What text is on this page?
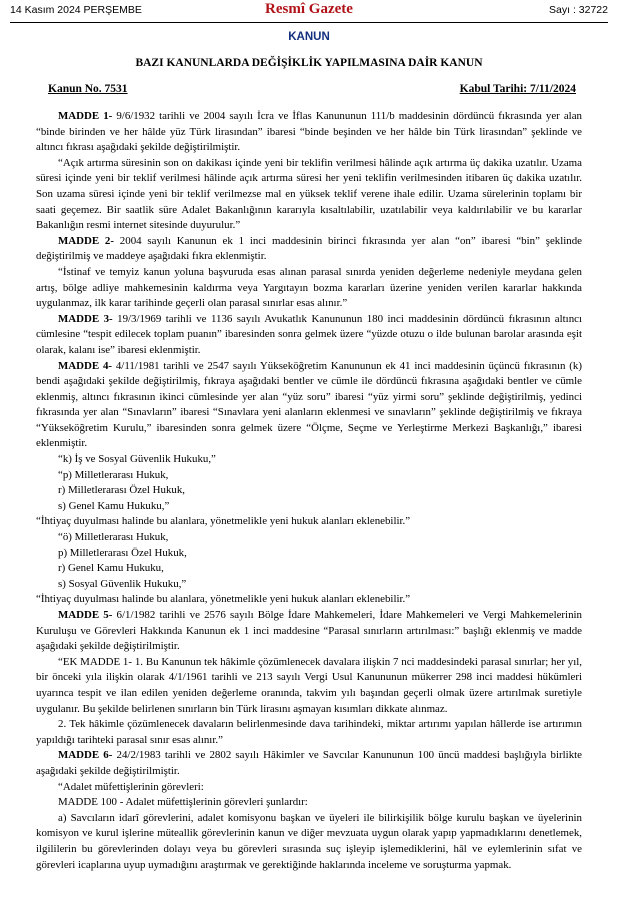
14 Kasım 2024 PERŞEMBE	Resmî Gazete	Sayı : 32722
KANUN
BAZI KANUNLARDA DEĞİŞİKLİK YAPILMASINA DAİR KANUN
Kanun No. 7531	Kabul Tarihi: 7/11/2024

MADDE 1- 9/6/1932 tarihli ve 2004 sayılı İcra ve İflas Kanununun 111/b maddesinin dördüncü fıkrasında yer alan “binde birinden ve her hâlde yüz Türk lirasından” ibaresi “binde beşinden ve her hâlde bin Türk lirasından” şeklinde ve altıncı fıkrası aşağıdaki şekilde değiştirilmiştir.

“Açık artırma süresinin son on dakikası içinde yeni bir teklifin verilmesi hâlinde açık artırma üç dakika uzatılır. Uzama süresi içinde yeni bir teklif verilmesi hâlinde açık artırma süresi her yeni teklifin verilmesinden itibaren üç dakika uzatılır. Son uzama süresi içinde yeni bir teklif verilmezse mal en yüksek teklif verene ihale edilir. Uzama sürelerinin toplamı bir saati geçemez. Bir saatlik süre Adalet Bakanlığının kararıyla kısaltılabilir, uzatılabilir veya kaldırılabilir ve bu kararlar Bakanlığın resmi internet sitesinde duyurulur.”

MADDE 2- 2004 sayılı Kanunun ek 1 inci maddesinin birinci fıkrasında yer alan “on” ibaresi “bin” şeklinde değiştirilmiş ve maddeye aşağıdaki fıkra eklenmiştir.

“İstinaf ve temyiz kanun yoluna başvuruda esas alınan parasal sınırda yeniden değerleme nedeniyle meydana gelen artış, bölge adliye mahkemesinin kaldırma veya Yargıtayın bozma kararları üzerine yeniden verilen kararlar hakkında uygulanmaz, ilk karar tarihinde geçerli olan parasal sınırlar esas alınır.”

MADDE 3- 19/3/1969 tarihli ve 1136 sayılı Avukatlık Kanununun 180 inci maddesinin dördüncü fıkrasının altıncı cümlesine “tespit edilecek toplam puanın” ibaresinden sonra gelmek üzere “yüzde otuzu o ilde bulunan barolar arasında eşit olarak, kalanı ise” ibaresi eklenmiştir.

MADDE 4- 4/11/1981 tarihli ve 2547 sayılı Yükseköğretim Kanununun ek 41 inci maddesinin üçüncü fıkrasının (k) bendi aşağıdaki şekilde değiştirilmiş, fıkraya aşağıdaki bentler ve cümle ile dördüncü fıkrasına aşağıdaki bentler ve cümle eklenmiş, altıncı fıkrasının ikinci cümlesinde yer alan “yüz soru” ibaresi “yüz yirmi soru” şeklinde değiştirilmiş, yedinci fıkrasında yer alan “Sınavların” ibaresi “Sınavlara yeni alanların eklenmesi ve sınavların” şeklinde değiştirilmiş ve fıkraya “Yükseköğretim Kurulu,” ibaresinden sonra gelmek üzere “Ölçme, Seçme ve Yerleştirme Merkezi Başkanlığı,” ibaresi eklenmiştir.

“k) İş ve Sosyal Güvenlik Hukuku,”

“p) Milletlerarası Hukuk,

r) Milletlerarası Özel Hukuk,

s) Genel Kamu Hukuku,”

“İhtiyaç duyulması halinde bu alanlara, yönetmelikle yeni hukuk alanları eklenebilir.”

“ö) Milletlerarası Hukuk,

p) Milletlerarası Özel Hukuk,

r) Genel Kamu Hukuku,

s) Sosyal Güvenlik Hukuku,”

“İhtiyaç duyulması halinde bu alanlara, yönetmelikle yeni hukuk alanları eklenebilir.”

MADDE 5- 6/1/1982 tarihli ve 2576 sayılı Bölge İdare Mahkemeleri, İdare Mahkemeleri ve Vergi Mahkemelerinin Kuruluşu ve Görevleri Hakkında Kanunun ek 1 inci maddesine “Parasal sınırların artırılması:” başlığı eklenmiş ve madde aşağıdaki şekilde değiştirilmiştir.

“EK MADDE 1- 1. Bu Kanunun tek hâkimle çözümlenecek davalara ilişkin 7 nci maddesindeki parasal sınırlar; her yıl, bir önceki yıla ilişkin olarak 4/1/1961 tarihli ve 213 sayılı Vergi Usul Kanununun mükerrer 298 inci maddesi hükümleri uyarınca tespit ve ilan edilen yeniden değerleme oranında, takvim yılı başından geçerli olmak üzere artırılmak suretiyle uygulanır. Bu şekilde belirlenen sınırların bin Türk lirasını aşmayan kısımları dikkate alınmaz.

2. Tek hâkimle çözümlenecek davaların belirlenmesinde dava tarihindeki, miktar artırımı yapılan hâllerde ise artırımın yapıldığı tarihteki parasal sınır esas alınır.”

MADDE 6- 24/2/1983 tarihli ve 2802 sayılı Hâkimler ve Savcılar Kanununun 100 üncü maddesi başlığıyla birlikte aşağıdaki şekilde değiştirilmiştir.

“Adalet müfettişlerinin görevleri:

MADDE 100 - Adalet müfettişlerinin görevleri şunlardır:

a) Savcıların idarî görevlerini, adalet komisyonu başkan ve üyeleri ile bilirkişilik bölge kurulu başkan ve üyelerinin komisyon ve kurul işlerine müteallik görevlerinin kanun ve diğer mevzuata uygun olarak yapıp yapmadıklarını denetlemek, ilgililerin bu görevlerinden dolayı veya bu görevleri sırasında suç işleyip işlemediklerini, hâl ve eylemlerinin sıfat ve görevleri icaplarına uyup uymadığını araştırmak ve gerektiğinde haklarında inceleme ve soruşturma yapmak.
